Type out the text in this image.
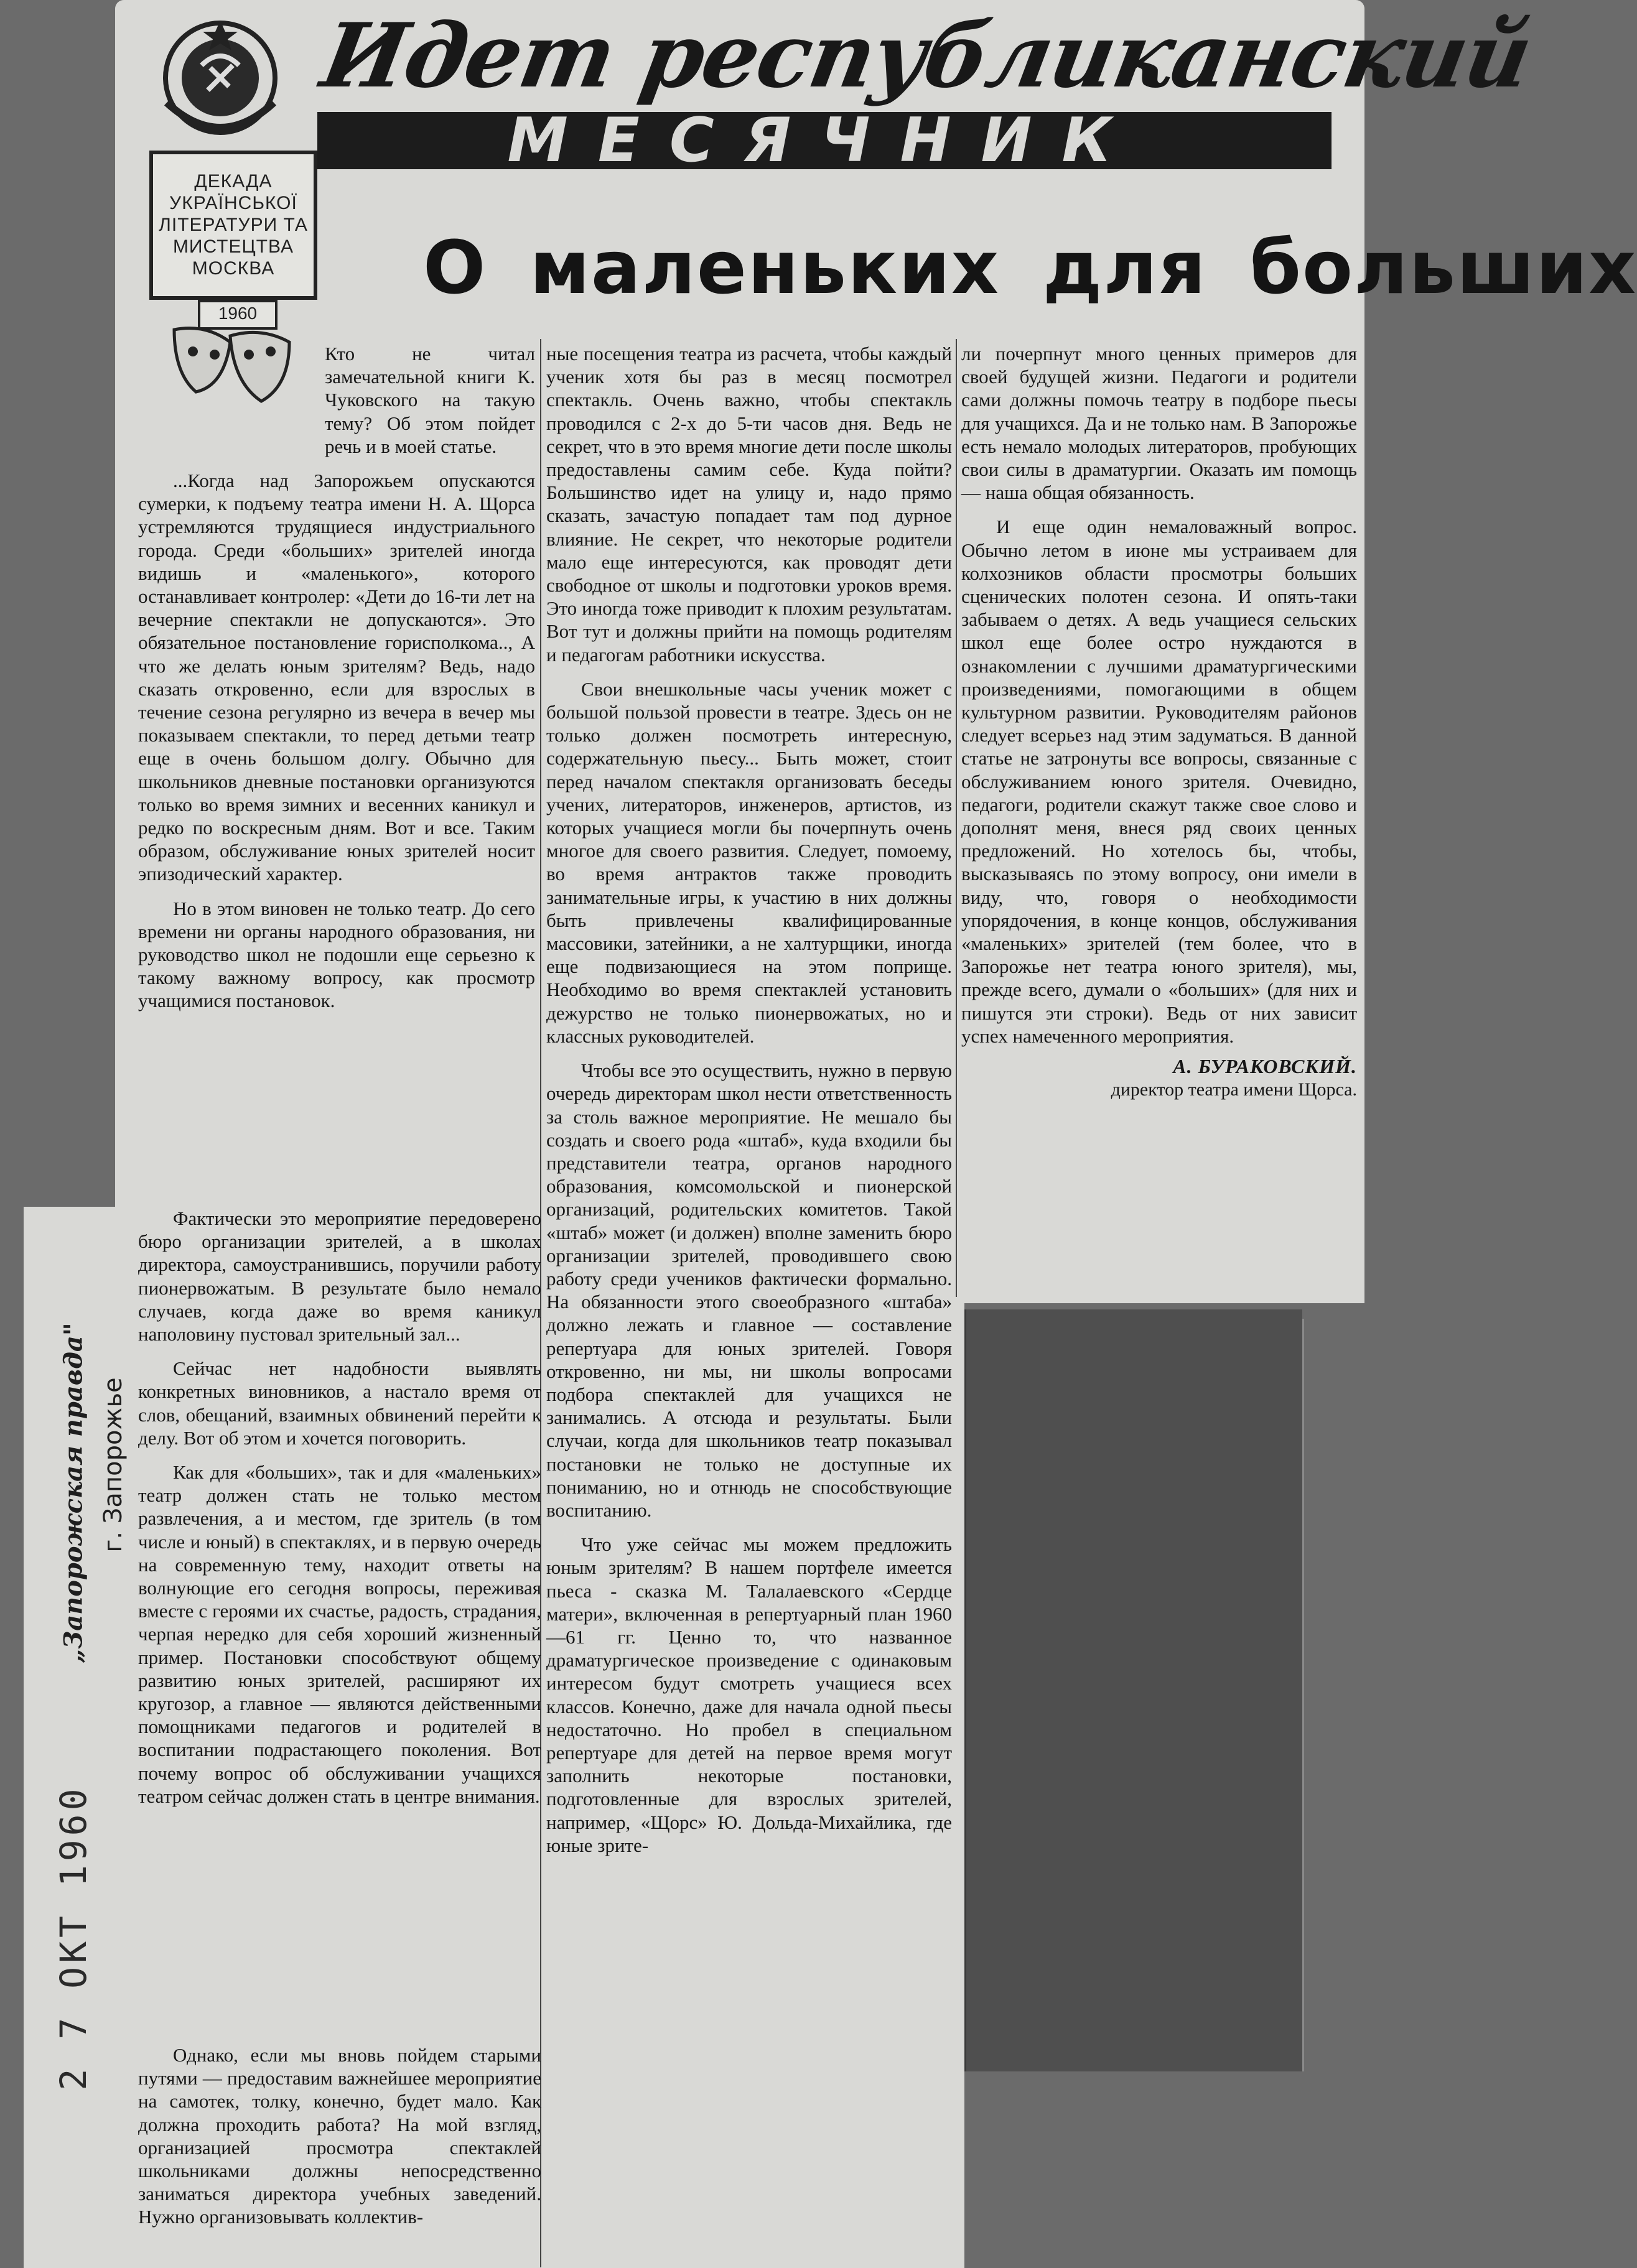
ДЕКАДА УКРАЇНСЬКОЇ ЛІТЕРАТУРИ ТА МИСТЕЦТВА МОСКВА
1960
Идет республиканский
МЕСЯЧНИК
О маленьких для больших

Кто не читал замечательной книги К. Чуковского на такую тему? Об этом пойдет речь и в моей статье.

...Когда над Запорожьем опускаются сумерки, к подъему театра имени Н. А. Щорса устремляются трудящиеся индустриального города. Среди «больших» зрителей иногда видишь и «маленького», которого останавливает контролер: «Дети до 16-ти лет на вечерние спектакли не допускаются». Это обязательное постановление горисполкома.., А что же делать юным зрителям? Ведь, надо сказать откровенно, если для взрослых в течение сезона регулярно из вечера в вечер мы показываем спектакли, то перед детьми театр еще в очень большом долгу. Обычно для школьников дневные постановки организуются только во время зимних и весенних каникул и редко по воскресным дням. Вот и все. Таким образом, обслуживание юных зрителей носит эпизодический характер.

Но в этом виновен не только театр. До сего времени ни органы народного образования, ни руководство школ не подошли еще серьезно к такому важному вопросу, как просмотр учащимися постановок.

Фактически это мероприятие передоверено бюро организации зрителей, а в школах директора, самоустранившись, поручили работу пионервожатым. В результате было немало случаев, когда даже во время каникул наполовину пустовал зрительный зал...

Сейчас нет надобности выявлять конкретных виновников, а настало время от слов, обещаний, взаимных обвинений перейти к делу. Вот об этом и хочется поговорить.

Как для «больших», так и для «маленьких» театр должен стать не только местом развлечения, а и местом, где зритель (в том числе и юный) в спектаклях, и в первую очередь на современную тему, находит ответы на волнующие его сегодня вопросы, переживая вместе с героями их счастье, радость, страдания, черпая нередко для себя хороший жизненный пример. Постановки способствуют общему развитию юных зрителей, расширяют их кругозор, а главное — являются действенными помощниками педагогов и родителей в воспитании подрастающего поколения. Вот почему вопрос об обслуживании учащихся театром сейчас должен стать в центре внимания.

Однако, если мы вновь пойдем старыми путями — предоставим важнейшее мероприятие на самотек, толку, конечно, будет мало. Как должна проходить работа? На мой взгляд, организацией просмотра спектаклей школьниками должны непосредственно заниматься директора учебных заведений. Нужно организовывать коллектив-

ные посещения театра из расчета, чтобы каждый ученик хотя бы раз в месяц посмотрел спектакль. Очень важно, чтобы спектакль проводился с 2-х до 5-ти часов дня. Ведь не секрет, что в это время многие дети после школы предоставлены самим себе. Куда пойти? Большинство идет на улицу и, надо прямо сказать, зачастую попадает там под дурное влияние. Не секрет, что некоторые родители мало еще интересуются, как проводят дети свободное от школы и подготовки уроков время. Это иногда тоже приводит к плохим результатам. Вот тут и должны прийти на помощь родителям и педагогам работники искусства.

Свои внешкольные часы ученик может с большой пользой провести в театре. Здесь он не только должен посмотреть интересную, содержательную пьесу... Быть может, стоит перед началом спектакля организовать беседы учених, литераторов, инженеров, артистов, из которых учащиеся могли бы почерпнуть очень многое для своего развития. Следует, помоему, во время антрактов также проводить занимательные игры, к участию в них должны быть привлечены квалифицированные массовики, затейники, а не халтурщики, иногда еще подвизающиеся на этом поприще. Необходимо во время спектаклей установить дежурство не только пионервожатых, но и классных руководителей.

Чтобы все это осуществить, нужно в первую очередь директорам школ нести ответственность за столь важное мероприятие. Не мешало бы создать и своего рода «штаб», куда входили бы представители театра, органов народного образования, комсомольской и пионерской организаций, родительских комитетов. Такой «штаб» может (и должен) вполне заменить бюро организации зрителей, проводившего свою работу среди учеников фактически формально. На обязанности этого своеобразного «штаба» должно лежать и главное — составление репертуара для юных зрителей. Говоря откровенно, ни мы, ни школы вопросами подбора спектаклей для учащихся не занимались. А отсюда и результаты. Были случаи, когда для школьников театр показывал постановки не только не доступные их пониманию, но и отнюдь не способствующие воспитанию.

Что уже сейчас мы можем предложить юным зрителям? В нашем портфеле имеется пьеса - сказка М. Талалаевского «Сердце матери», включенная в репертуарный план 1960—61 гг. Ценно то, что названное драматургическое произведение с одинаковым интересом будут смотреть учащиеся всех классов. Конечно, даже для начала одной пьесы недостаточно. Но пробел в специальном репертуаре для детей на первое время могут заполнить некоторые постановки, подготовленные для взрослых зрителей, например, «Щорс» Ю. Дольда-Михайлика, где юные зрите-

ли почерпнут много ценных примеров для своей будущей жизни. Педагоги и родители сами должны помочь театру в подборе пьесы для учащихся. Да и не только нам. В Запорожье есть немало молодых литераторов, пробующих свои силы в драматургии. Оказать им помощь — наша общая обязанность.

И еще один немаловажный вопрос. Обычно летом в июне мы устраиваем для колхозников области просмотры больших сценических полотен сезона. И опять-таки забываем о детях. А ведь учащиеся сельских школ еще более остро нуждаются в ознакомлении с лучшими драматургическими произведениями, помогающими в общем культурном развитии. Руководителям районов следует всерьез над этим задуматься. В данной статье не затронуты все вопросы, связанные с обслуживанием юного зрителя. Очевидно, педагоги, родители скажут также свое слово и дополнят меня, внеся ряд своих ценных предложений. Но хотелось бы, чтобы, высказываясь по этому вопросу, они имели в виду, что, говоря о необходимости упорядочения, в конце концов, обслуживания «маленьких» зрителей (тем более, что в Запорожье нет театра юного зрителя), мы, прежде всего, думали о «больших» (для них и пишутся эти строки). Ведь от них зависит успех намеченного мероприятия.

А. БУРАКОВСКИЙ.
директор театра имени Щорса.
„Запорожская правда" г. Запорожье
2 7 ОКТ 1960
